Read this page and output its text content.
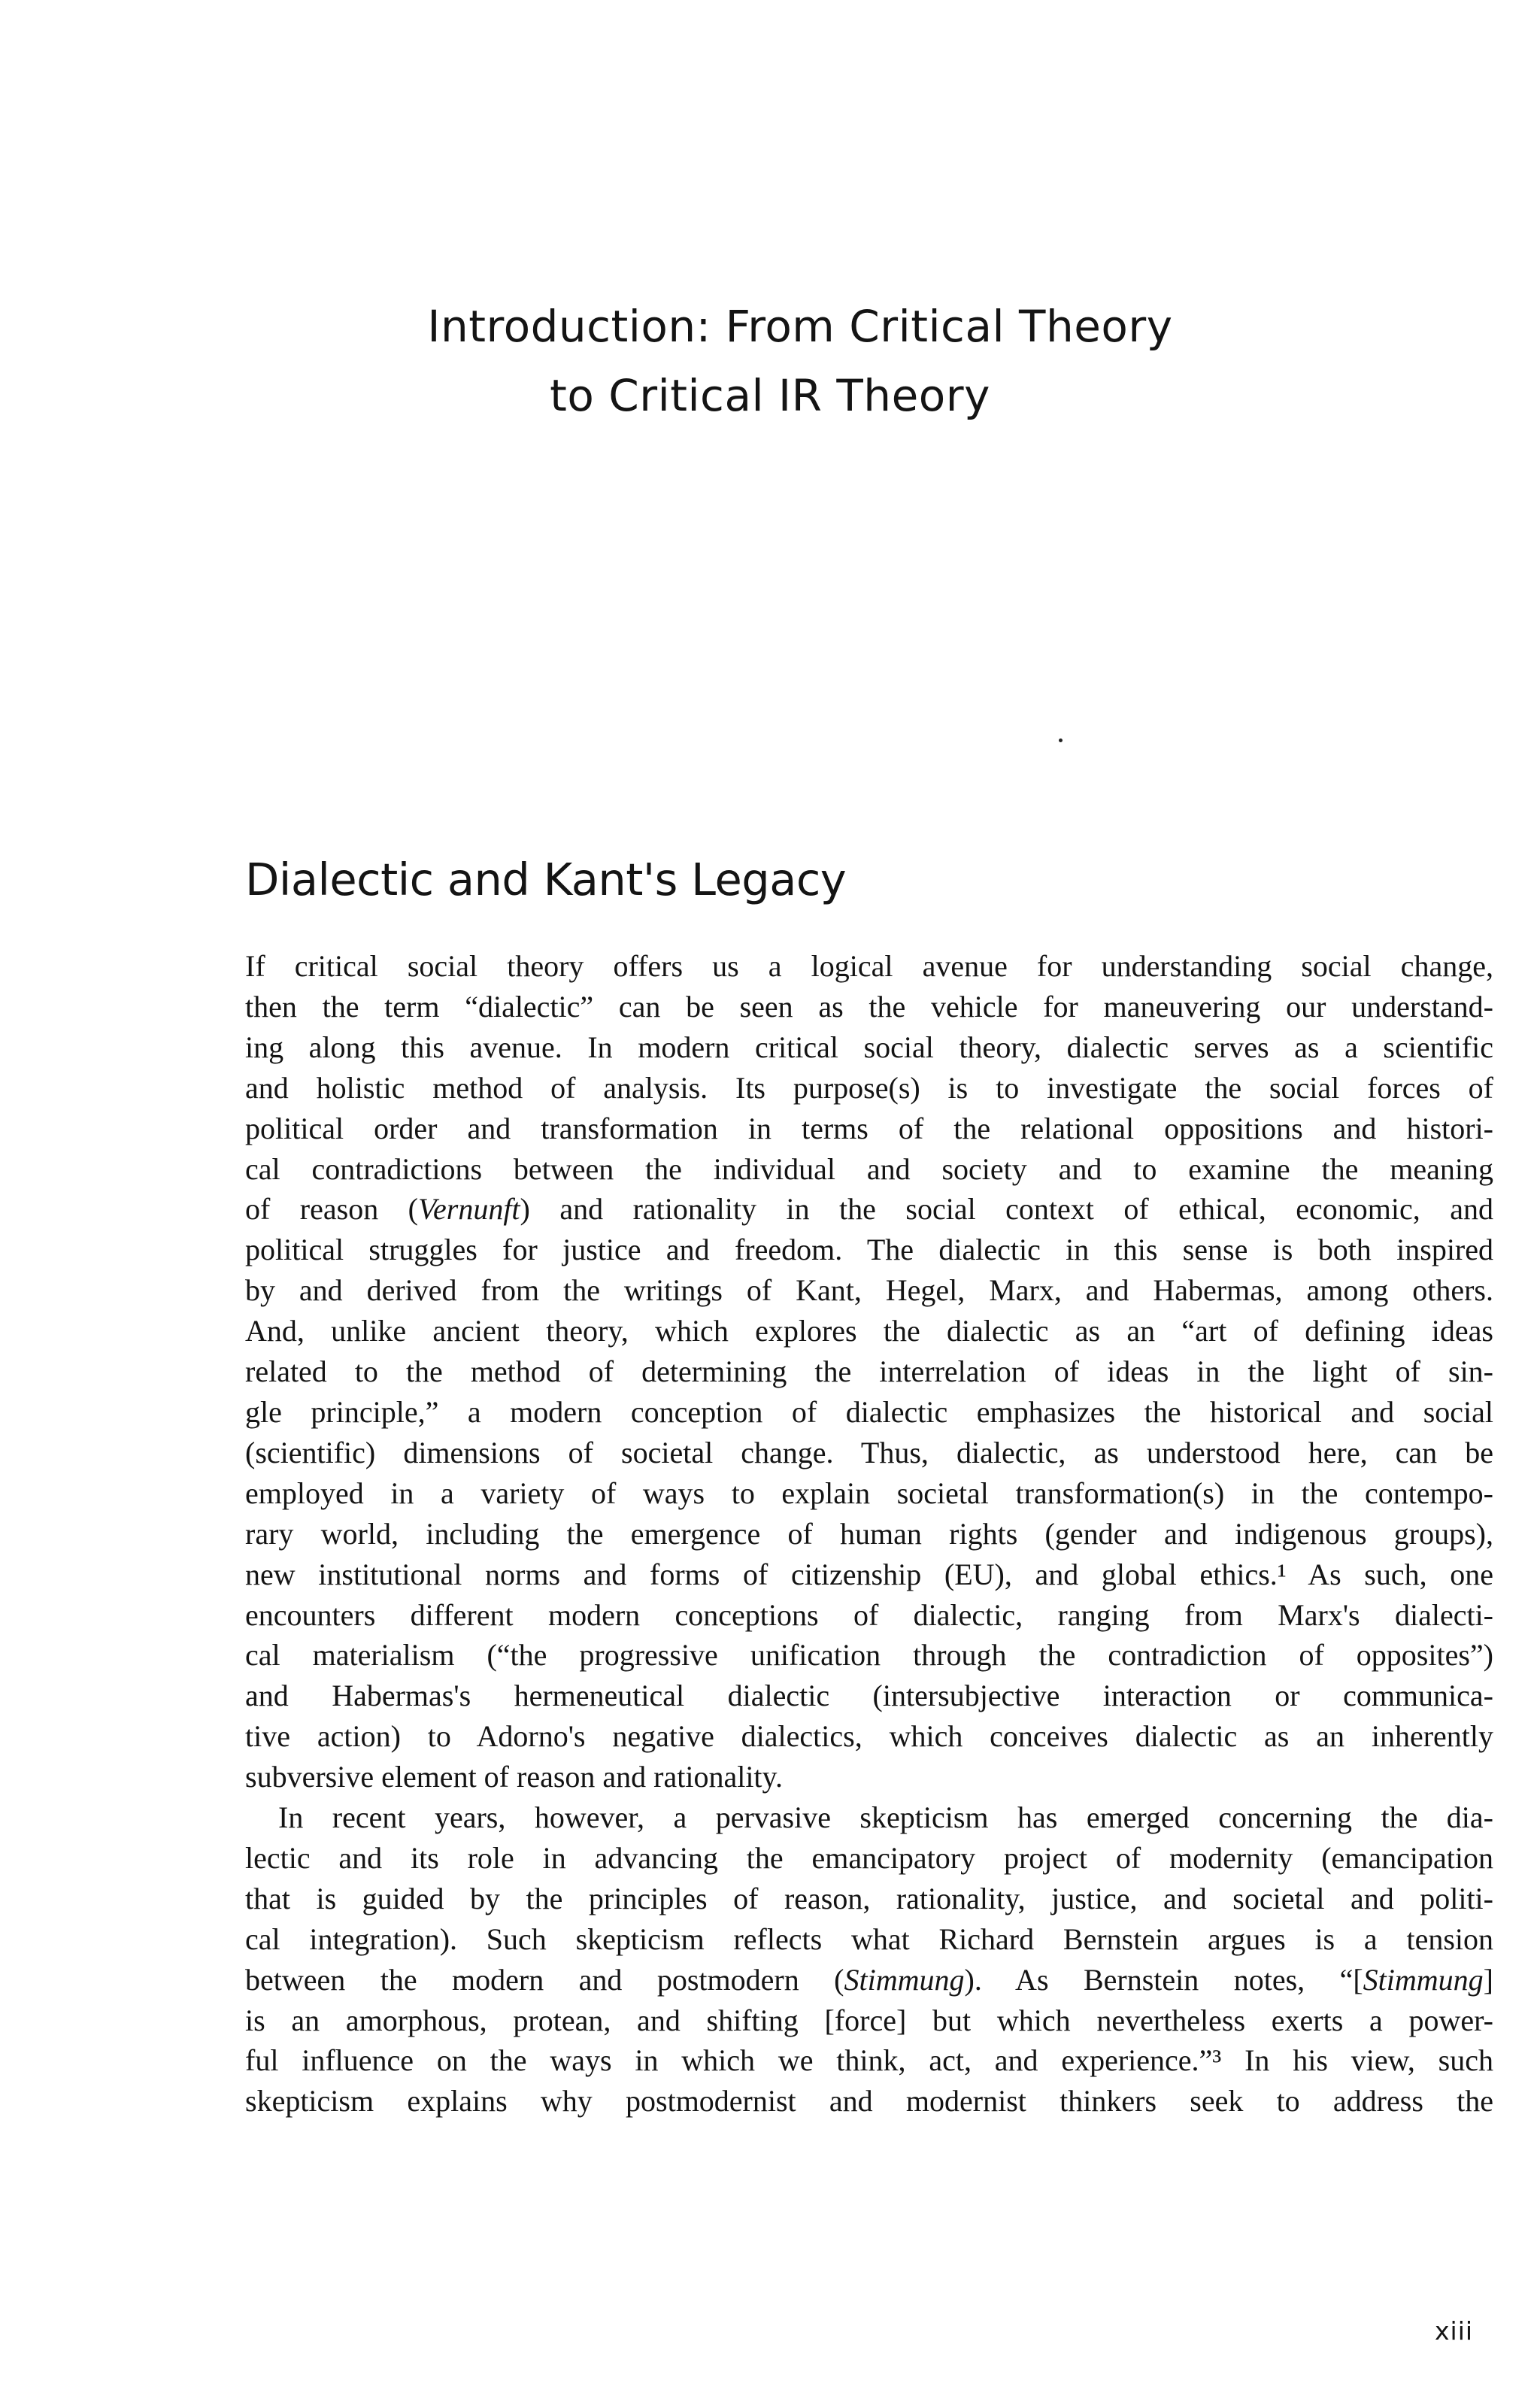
Introduction: From Critical Theory
to Critical IR Theory
Dialectic and Kant's Legacy
If critical social theory offers us a logical avenue for understanding social change,
then the term “dialectic” can be seen as the vehicle for maneuvering our understand-
ing along this avenue. In modern critical social theory, dialectic serves as a scientific
and holistic method of analysis. Its purpose(s) is to investigate the social forces of
political order and transformation in terms of the relational oppositions and histori-
cal contradictions between the individual and society and to examine the meaning
of reason (Vernunft) and rationality in the social context of ethical, economic, and
political struggles for justice and freedom. The dialectic in this sense is both inspired
by and derived from the writings of Kant, Hegel, Marx, and Habermas, among others.
And, unlike ancient theory, which explores the dialectic as an “art of defining ideas
related to the method of determining the interrelation of ideas in the light of sin-
gle principle,” a modern conception of dialectic emphasizes the historical and social
(scientific) dimensions of societal change. Thus, dialectic, as understood here, can be
employed in a variety of ways to explain societal transformation(s) in the contempo-
rary world, including the emergence of human rights (gender and indigenous groups),
new institutional norms and forms of citizenship (EU), and global ethics.¹ As such, one
encounters different modern conceptions of dialectic, ranging from Marx's dialecti-
cal materialism (“the progressive unification through the contradiction of opposites”)
and Habermas's hermeneutical dialectic (intersubjective interaction or communica-
tive action) to Adorno's negative dialectics, which conceives dialectic as an inherently
subversive element of reason and rationality.
In recent years, however, a pervasive skepticism has emerged concerning the dia-
lectic and its role in advancing the emancipatory project of modernity (emancipation
that is guided by the principles of reason, rationality, justice, and societal and politi-
cal integration). Such skepticism reflects what Richard Bernstein argues is a tension
between the modern and postmodern (Stimmung). As Bernstein notes, “[Stimmung]
is an amorphous, protean, and shifting [force] but which nevertheless exerts a power-
ful influence on the ways in which we think, act, and experience.”³ In his view, such
skepticism explains why postmodernist and modernist thinkers seek to address the
xiii
